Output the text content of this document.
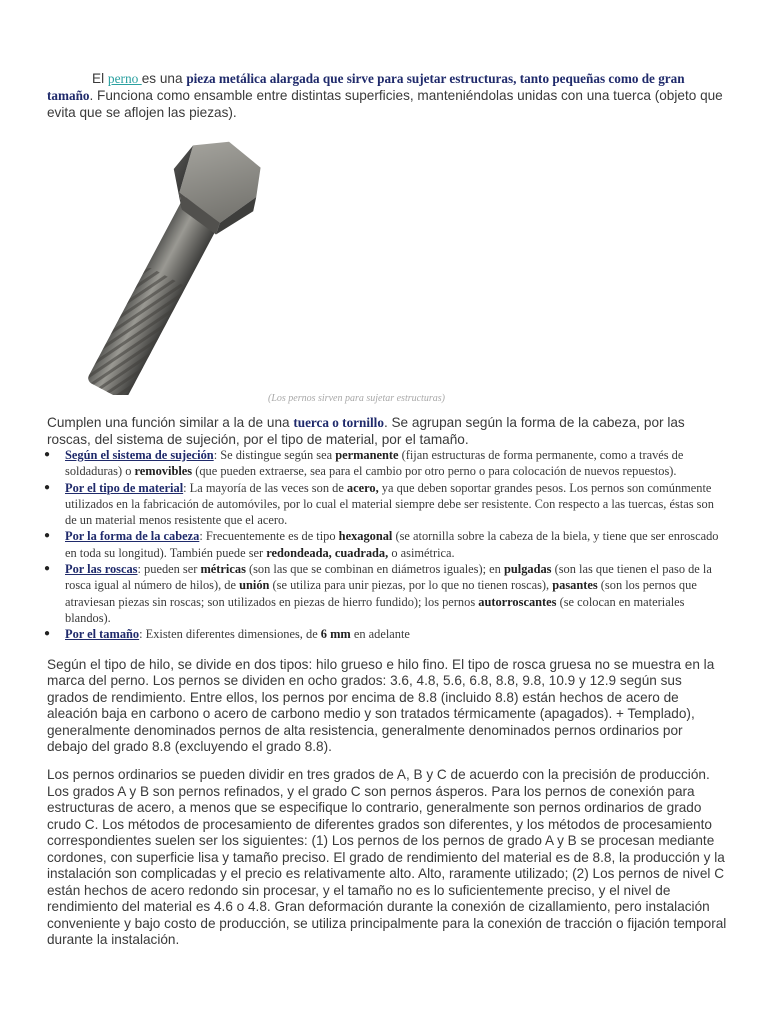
El perno es una pieza metálica alargada que sirve para sujetar estructuras, tanto pequeñas como de gran tamaño. Funciona como ensamble entre distintas superficies, manteniéndolas unidas con una tuerca (objeto que evita que se aflojen las piezas).

(Los pernos sirven para sujetar estructuras)

Cumplen una función similar a la de una tuerca o tornillo. Se agrupan según la forma de la cabeza, por las roscas, del sistema de sujeción, por el tipo de material, por el tamaño.

● Según el sistema de sujeción: Se distingue según sea permanente (fijan estructuras de forma permanente, como a través de soldaduras) o removibles (que pueden extraerse, sea para el cambio por otro perno o para colocación de nuevos repuestos).
● Por el tipo de material: La mayoría de las veces son de acero, ya que deben soportar grandes pesos. Los pernos son comúnmente utilizados en la fabricación de automóviles, por lo cual el material siempre debe ser resistente. Con respecto a las tuercas, éstas son de un material menos resistente que el acero.
● Por la forma de la cabeza: Frecuentemente es de tipo hexagonal (se atornilla sobre la cabeza de la biela, y tiene que ser enroscado en toda su longitud). También puede ser redondeada, cuadrada, o asimétrica.
● Por las roscas: pueden ser métricas (son las que se combinan en diámetros iguales); en pulgadas (son las que tienen el paso de la rosca igual al número de hilos), de unión (se utiliza para unir piezas, por lo que no tienen roscas), pasantes (son los pernos que atraviesan piezas sin roscas; son utilizados en piezas de hierro fundido); los pernos autorroscantes (se colocan en materiales blandos).
● Por el tamaño: Existen diferentes dimensiones, de 6 mm en adelante

Según el tipo de hilo, se divide en dos tipos: hilo grueso e hilo fino. El tipo de rosca gruesa no se muestra en la marca del perno. Los pernos se dividen en ocho grados: 3.6, 4.8, 5.6, 6.8, 8.8, 9.8, 10.9 y 12.9 según sus grados de rendimiento. Entre ellos, los pernos por encima de 8.8 (incluido 8.8) están hechos de acero de aleación baja en carbono o acero de carbono medio y son tratados térmicamente (apagados). + Templado), generalmente denominados pernos de alta resistencia, generalmente denominados pernos ordinarios por debajo del grado 8.8 (excluyendo el grado 8.8).

Los pernos ordinarios se pueden dividir en tres grados de A, B y C de acuerdo con la precisión de producción. Los grados A y B son pernos refinados, y el grado C son pernos ásperos. Para los pernos de conexión para estructuras de acero, a menos que se especifique lo contrario, generalmente son pernos ordinarios de grado crudo C. Los métodos de procesamiento de diferentes grados son diferentes, y los métodos de procesamiento correspondientes suelen ser los siguientes: (1) Los pernos de los pernos de grado A y B se procesan mediante cordones, con superficie lisa y tamaño preciso. El grado de rendimiento del material es de 8.8, la producción y la instalación son complicadas y el precio es relativamente alto. Alto, raramente utilizado; (2) Los pernos de nivel C están hechos de acero redondo sin procesar, y el tamaño no es lo suficientemente preciso, y el nivel de rendimiento del material es 4.6 o 4.8. Gran deformación durante la conexión de cizallamiento, pero instalación conveniente y bajo costo de producción, se utiliza principalmente para la conexión de tracción o fijación temporal durante la instalación.
